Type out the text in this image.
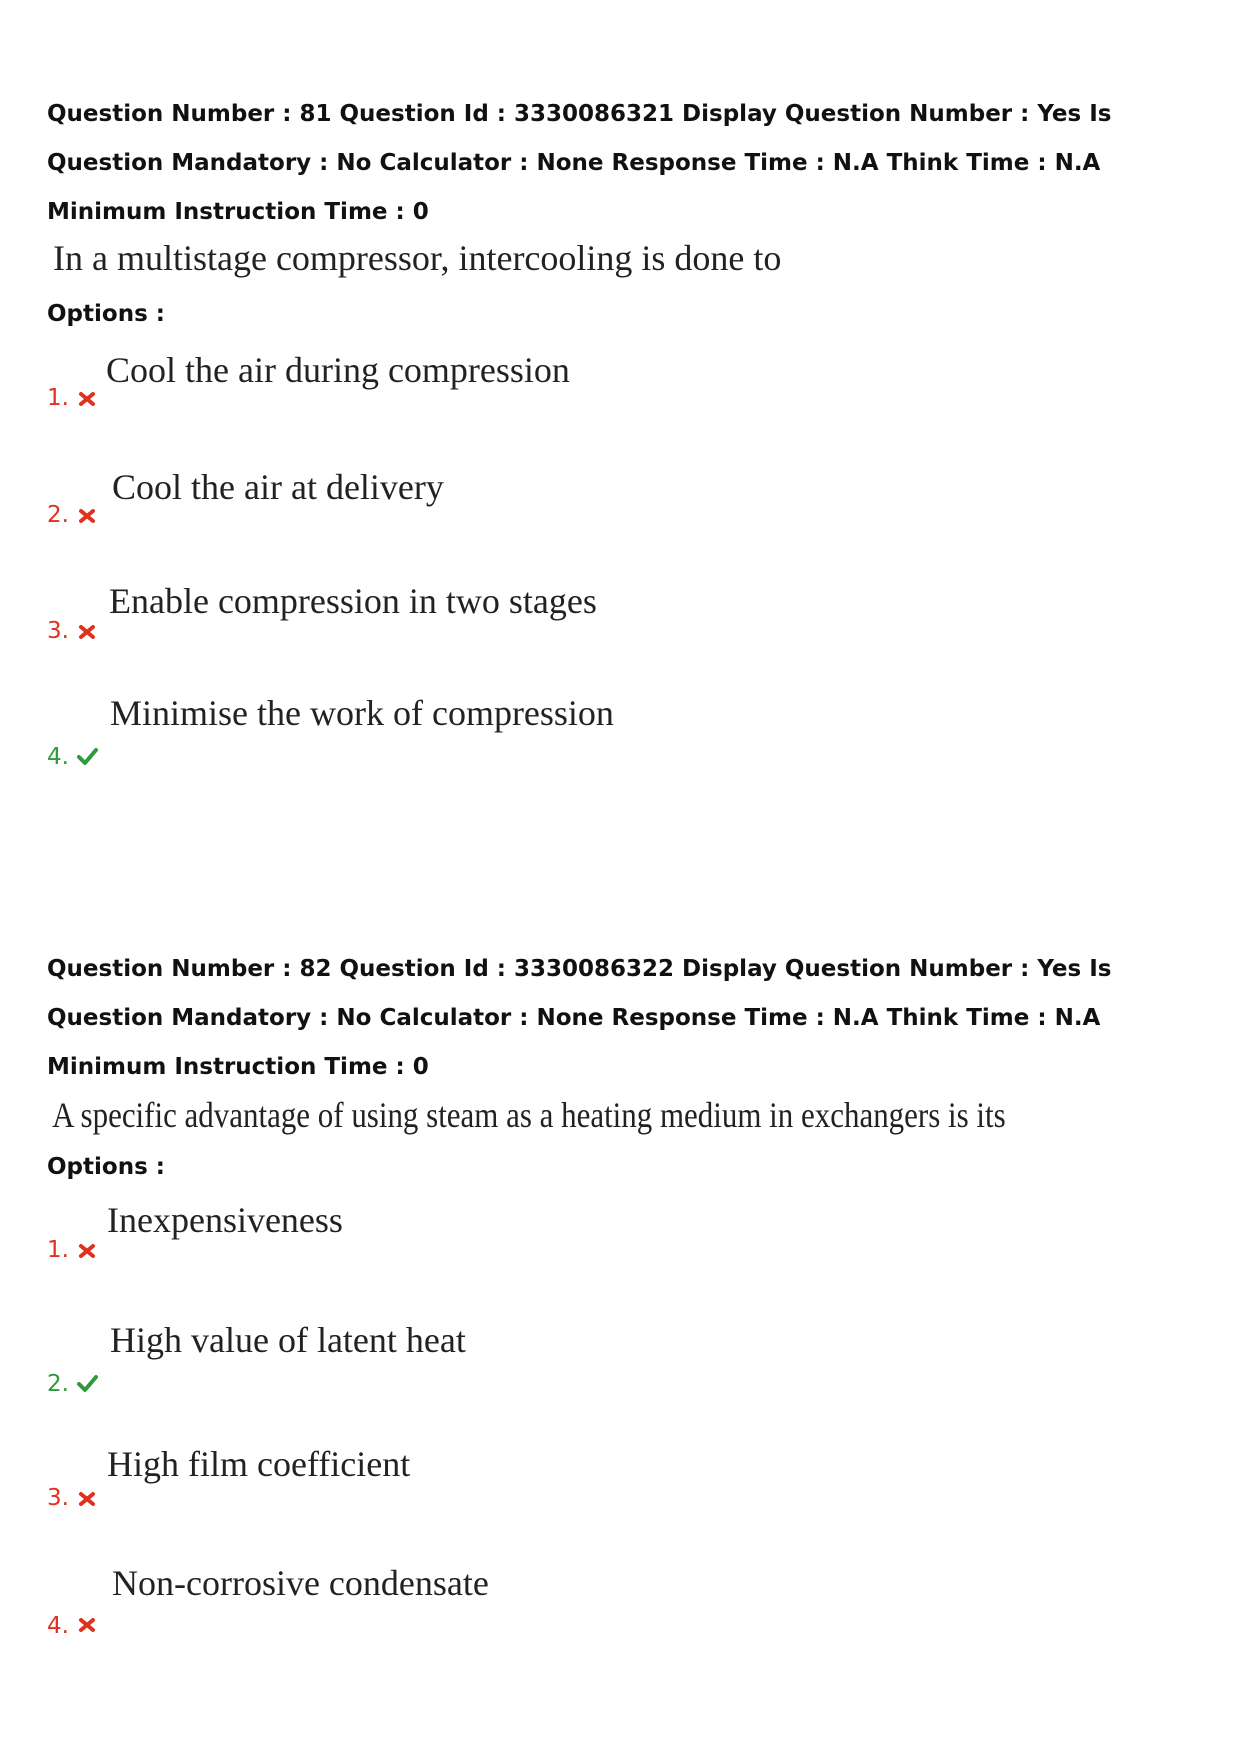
Question Number : 81 Question Id : 3330086321 Display Question Number : Yes Is Question Mandatory : No Calculator : None Response Time : N.A Think Time : N.A Minimum Instruction Time : 0

In a multistage compressor, intercooling is done to

Options :
1.
Cool the air during compression
2.
Cool the air at delivery
3.
Enable compression in two stages
4.
Minimise the work of compression

Question Number : 82 Question Id : 3330086322 Display Question Number : Yes Is Question Mandatory : No Calculator : None Response Time : N.A Think Time : N.A Minimum Instruction Time : 0

A specific advantage of using steam as a heating medium in exchangers is its

Options :
1.
Inexpensiveness
2.
High value of latent heat
3.
High film coefficient
4.
Non-corrosive condensate
